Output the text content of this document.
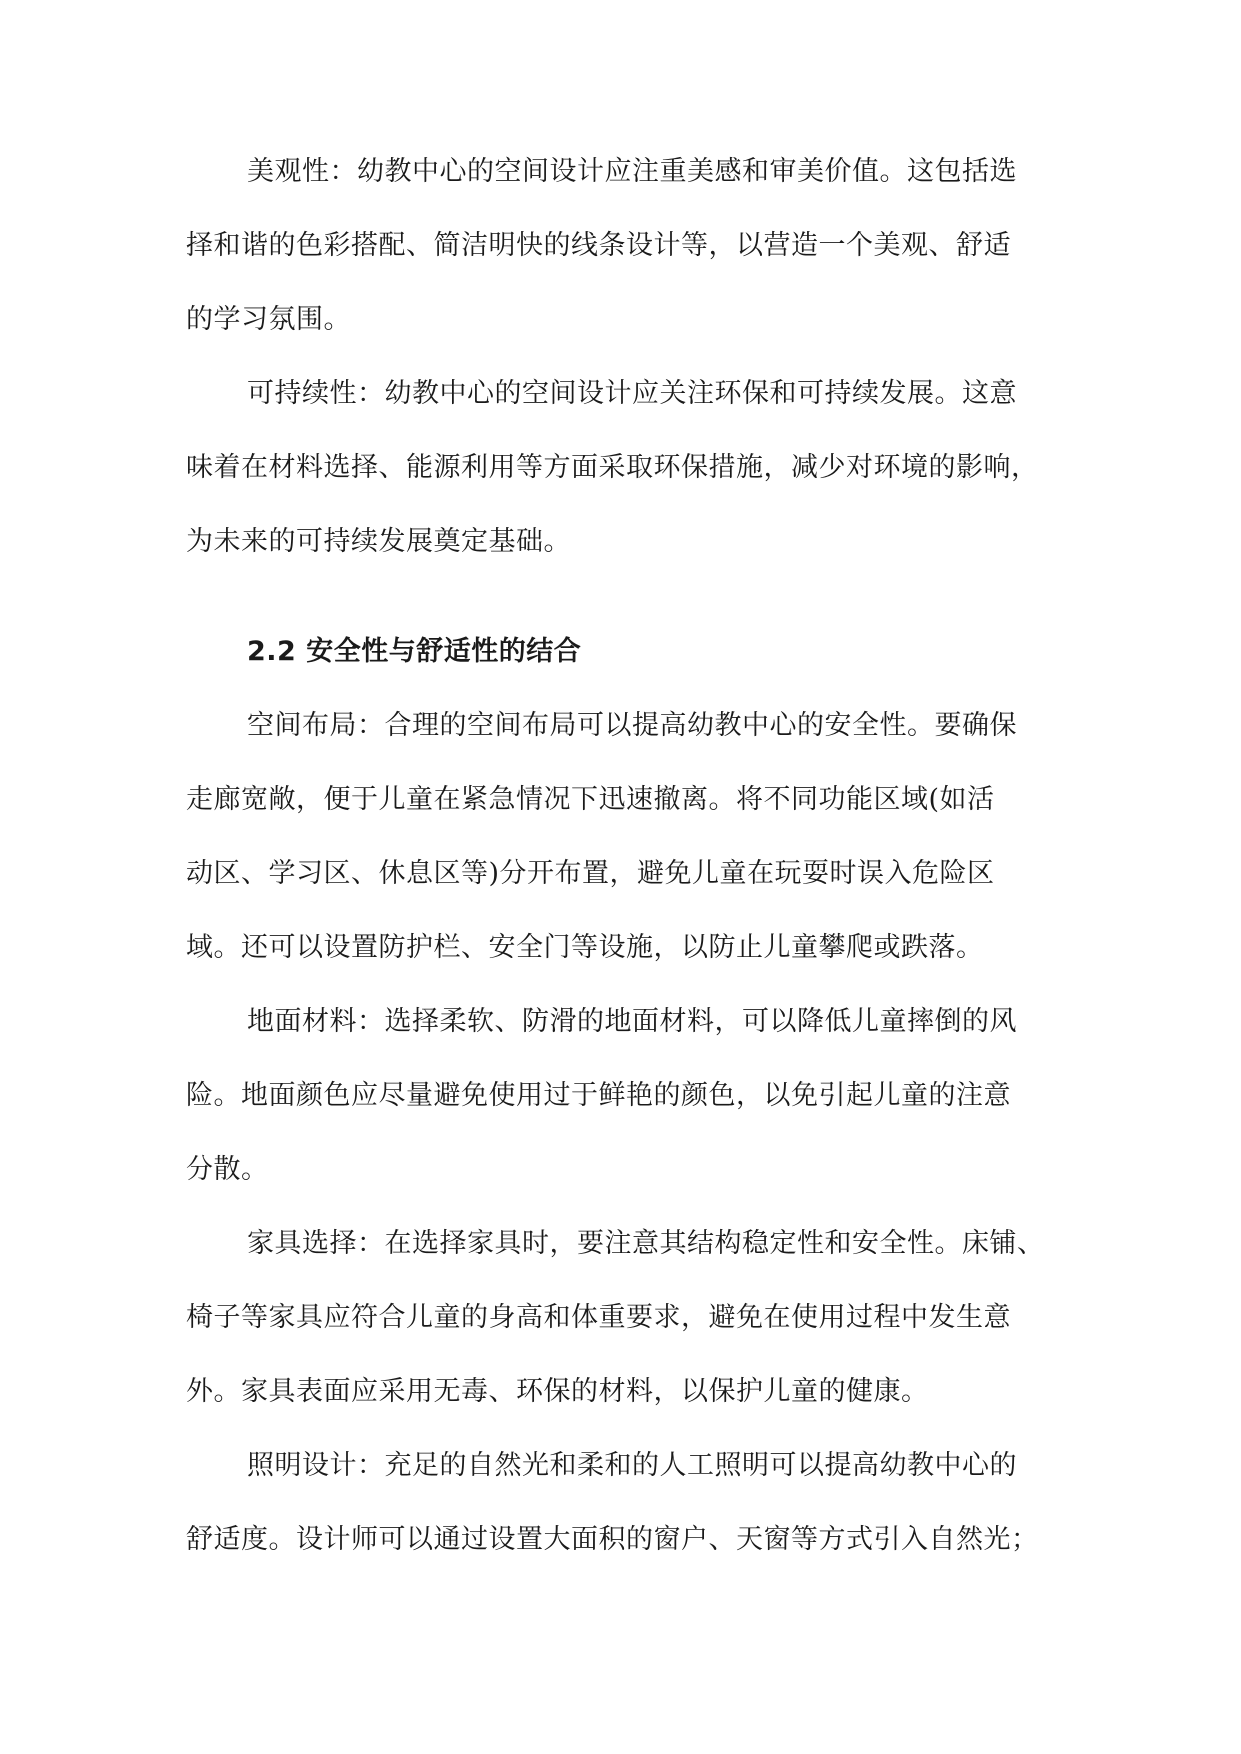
美观性：幼教中心的空间设计应注重美感和审美价值。这包括选
择和谐的色彩搭配、简洁明快的线条设计等，以营造一个美观、舒适
的学习氛围。
可持续性：幼教中心的空间设计应关注环保和可持续发展。这意
味着在材料选择、能源利用等方面采取环保措施，减少对环境的影响，
为未来的可持续发展奠定基础。
2.2 安全性与舒适性的结合
空间布局：合理的空间布局可以提高幼教中心的安全性。要确保
走廊宽敞，便于儿童在紧急情况下迅速撤离。将不同功能区域(如活
动区、学习区、休息区等)分开布置，避免儿童在玩耍时误入危险区
域。还可以设置防护栏、安全门等设施，以防止儿童攀爬或跌落。
地面材料：选择柔软、防滑的地面材料，可以降低儿童摔倒的风
险。地面颜色应尽量避免使用过于鲜艳的颜色，以免引起儿童的注意
分散。
家具选择：在选择家具时，要注意其结构稳定性和安全性。床铺、
椅子等家具应符合儿童的身高和体重要求，避免在使用过程中发生意
外。家具表面应采用无毒、环保的材料，以保护儿童的健康。
照明设计：充足的自然光和柔和的人工照明可以提高幼教中心的
舒适度。设计师可以通过设置大面积的窗户、天窗等方式引入自然光；
